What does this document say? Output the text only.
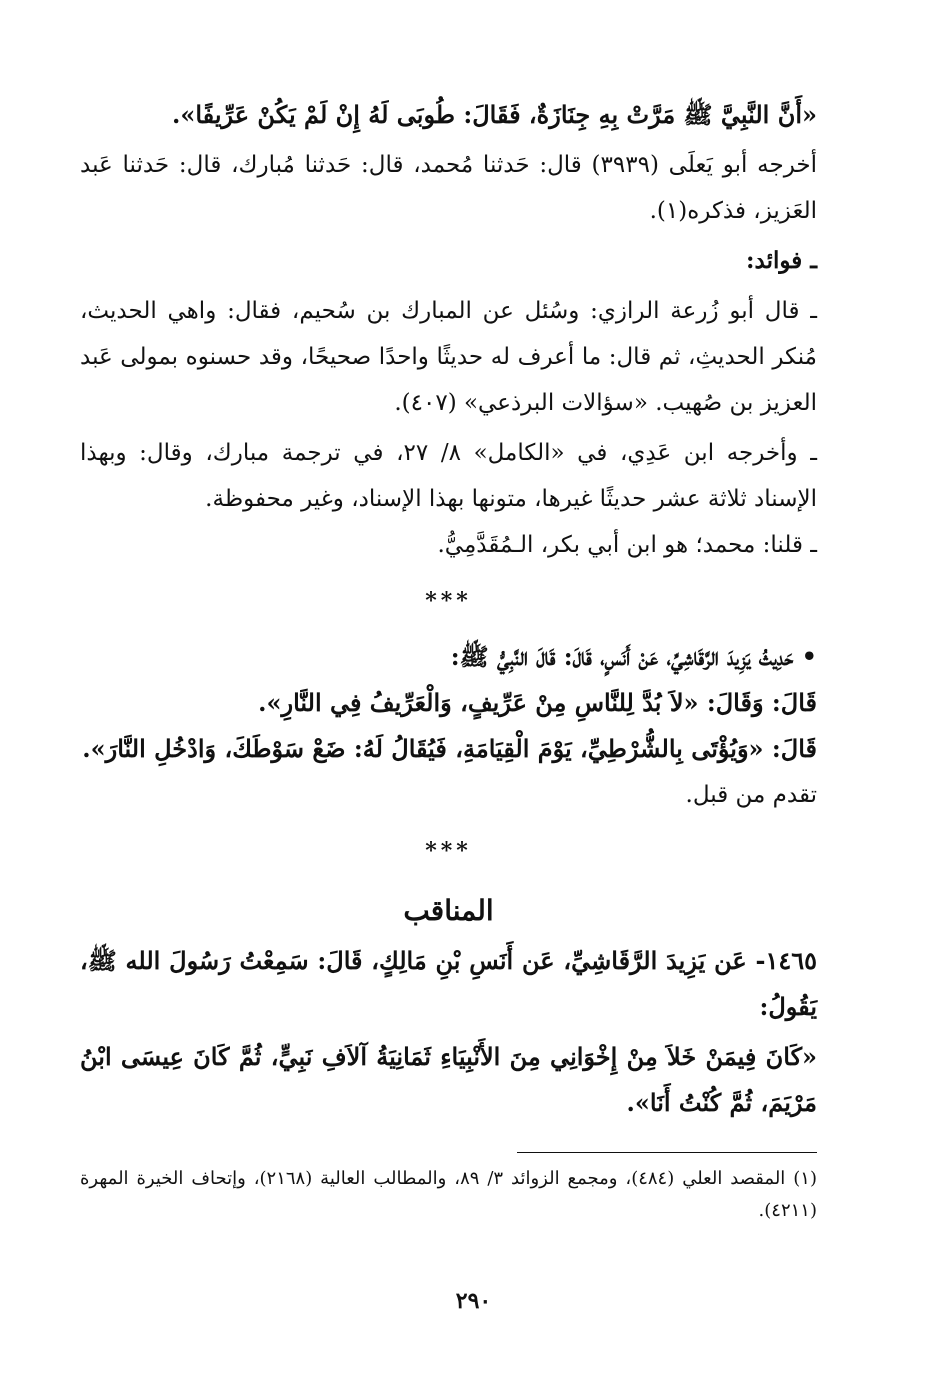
«أَنَّ النَّبِيَّ ﷺ مَرَّتْ بِهِ جِنَازَةٌ، فَقَالَ: طُوبَى لَهُ إِنْ لَمْ يَكُنْ عَرِّيفًا».
أخرجه أبو يَعلَى (٣٩٣٩) قال: حَدثنا مُحمد، قال: حَدثنا مُبارك، قال: حَدثنا عَبد العَزيز، فذكره(١).
ـ فوائد:
ـ قال أبو زُرعة الرازي: وسُئل عن المبارك بن سُحيم، فقال: واهي الحديث، مُنكر الحديثِ، ثم قال: ما أعرف له حديثًا واحدًا صحيحًا، وقد حسنوه بمولى عَبد العزيز بن صُهيب. «سؤالات البرذعي» (٤٠٧).
ـ وأخرجه ابن عَدِي، في «الكامل» ٨/ ٢٧، في ترجمة مبارك، وقال: وبهذا الإسناد ثلاثة عشر حديثًا غيرها، متونها بهذا الإسناد، وغير محفوظة.
ـ قلنا: محمد؛ هو ابن أبي بكر، الـمُقَدَّمِيُّ.
***
• حَدِيثُ يَزِيدَ الرَّقَاشِيِّ، عَنْ أَنَسٍ، قَالَ: قَالَ النَّبِيُّ ﷺ:
قَالَ: وَقَالَ: «لاَ بُدَّ لِلنَّاسِ مِنْ عَرِّيفٍ، وَالْعَرِّيفُ فِي النَّارِ».
قَالَ: «وَيُؤْتَى بِالشُّرْطِيِّ، يَوْمَ الْقِيَامَةِ، فَيُقَالُ لَهُ: ضَعْ سَوْطَكَ، وَادْخُلِ النَّارَ».
تقدم من قبل.
***
المناقب
١٤٦٥- عَن يَزِيدَ الرَّقَاشِيِّ، عَن أَنَسِ بْنِ مَالِكٍ، قَالَ: سَمِعْتُ رَسُولَ الله ﷺ، يَقُولُ:
«كَانَ فِيمَنْ خَلاَ مِنْ إِخْوَانِي مِنَ الأَنْبِيَاءِ ثَمَانِيَةُ آلاَفِ نَبِيٍّ، ثُمَّ كَانَ عِيسَى ابْنُ مَرْيَمَ، ثُمَّ كُنْتُ أَنَا».
(١) المقصد العلي (٤٨٤)، ومجمع الزوائد ٣/ ٨٩، والمطالب العالية (٢١٦٨)، وإتحاف الخيرة المهرة (٤٢١١).
٢٩٠
